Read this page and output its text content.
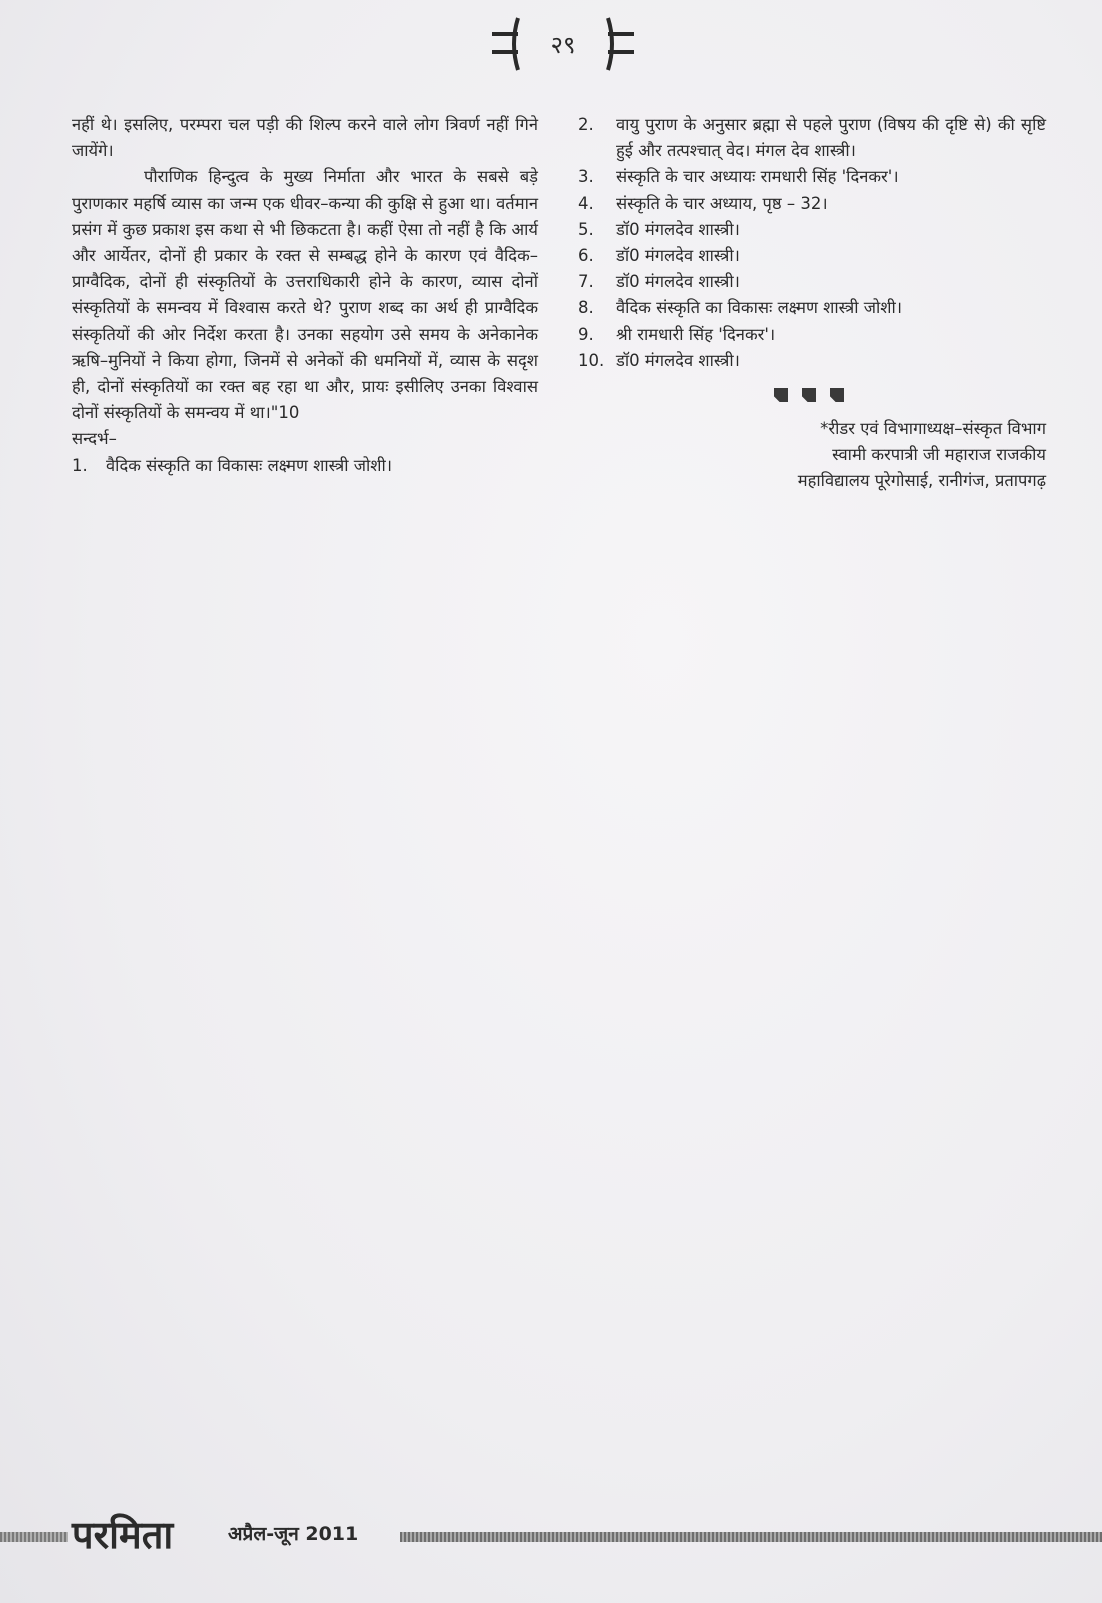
२९

नहीं थे। इसलिए, परम्परा चल पड़ी की शिल्प करने वाले लोग त्रिवर्ण नहीं गिने जायेंगे।

पौराणिक हिन्दुत्व के मुख्य निर्माता और भारत के सबसे बड़े पुराणकार महर्षि व्यास का जन्म एक धीवर–कन्या की कुक्षि से हुआ था। वर्तमान प्रसंग में कुछ प्रकाश इस कथा से भी छिकटता है। कहीं ऐसा तो नहीं है कि आर्य और आर्येतर, दोनों ही प्रकार के रक्त से सम्बद्ध होने के कारण एवं वैदिक–प्राग्वैदिक, दोनों ही संस्कृतियों के उत्तराधिकारी होने के कारण, व्यास दोनों संस्कृतियों के समन्वय में विश्वास करते थे? पुराण शब्द का अर्थ ही प्राग्वैदिक संस्कृतियों की ओर निर्देश करता है। उनका सहयोग उसे समय के अनेकानेक ऋषि–मुनियों ने किया होगा, जिनमें से अनेकों की धमनियों में, व्यास के सदृश ही, दोनों संस्कृतियों का रक्त बह रहा था और, प्रायः इसीलिए उनका विश्वास दोनों संस्कृतियों के समन्वय में था।"10

सन्दर्भ–

1. वैदिक संस्कृति का विकासः लक्ष्मण शास्त्री जोशी।
2. वायु पुराण के अनुसार ब्रह्मा से पहले पुराण (विषय की दृष्टि से) की सृष्टि हुई और तत्पश्चात् वेद। मंगल देव शास्त्री।
3. संस्कृति के चार अध्यायः रामधारी सिंह 'दिनकर'।
4. संस्कृति के चार अध्याय, पृष्ठ – 32।
5. डॉ0 मंगलदेव शास्त्री।
6. डॉ0 मंगलदेव शास्त्री।
7. डॉ0 मंगलदेव शास्त्री।
8. वैदिक संस्कृति का विकासः लक्ष्मण शास्त्री जोशी।
9. श्री रामधारी सिंह 'दिनकर'।
10. डॉ0 मंगलदेव शास्त्री।

*रीडर एवं विभागाध्यक्ष–संस्कृत विभाग

स्वामी करपात्री जी महाराज राजकीय

महाविद्यालय पूरेगोसाई, रानीगंज, प्रतापगढ़

परमिता	अप्रैल-जून 2011
